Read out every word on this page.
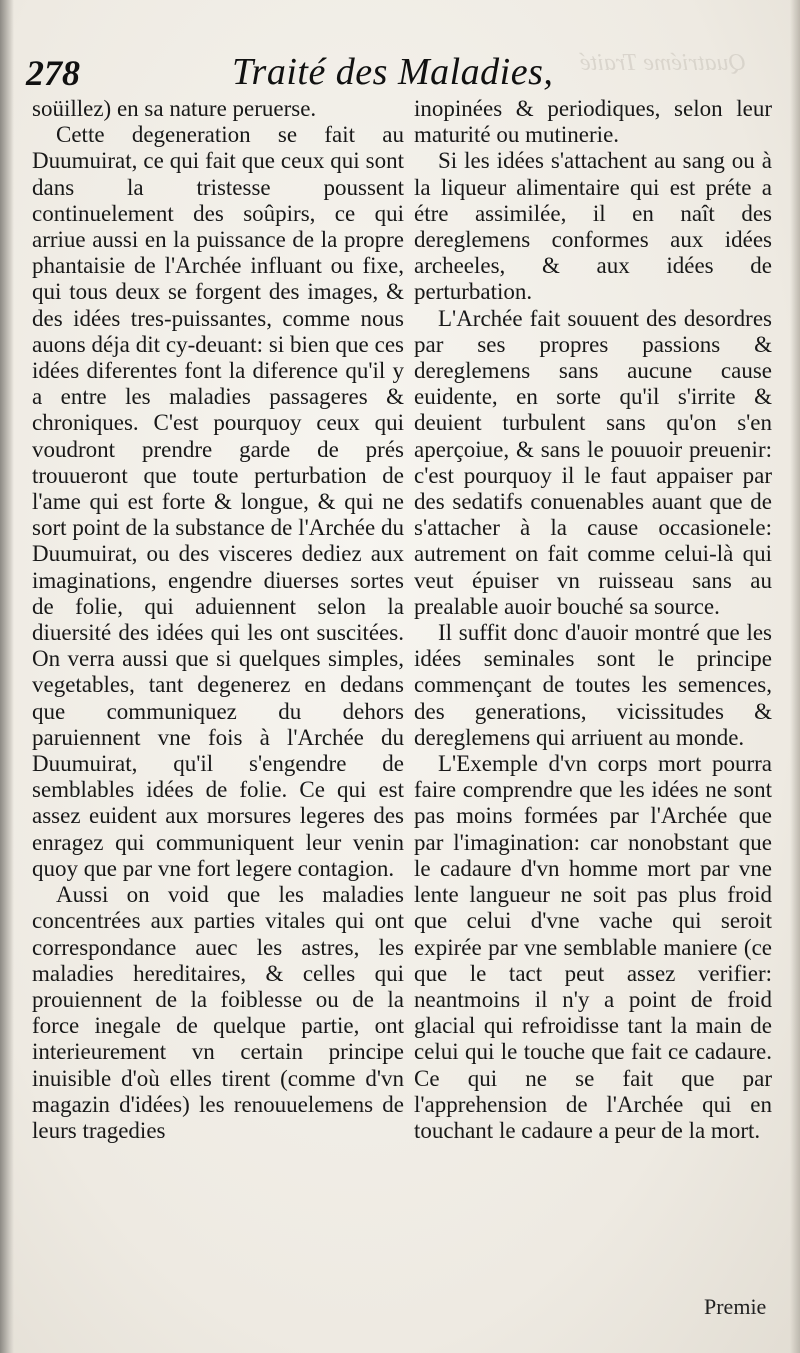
278	Traité des Maladies, Quatriéme Traité

soüillez) en sa nature peruerse.

Cette degeneration se fait au Duumuirat, ce qui fait que ceux qui sont dans la tristesse poussent continuelement des soûpirs, ce qui arriue aussi en la puissance de la propre phantaisie de l'Archée influant ou fixe, qui tous deux se forgent des images, & des idées tres-puissantes, comme nous auons déja dit cy-deuant: si bien que ces idées diferentes font la diference qu'il y a entre les maladies passageres & chroniques. C'est pourquoy ceux qui voudront prendre garde de prés trouueront que toute perturbation de l'ame qui est forte & longue, & qui ne sort point de la substance de l'Archée du Duumuirat, ou des visceres dediez aux imaginations, engendre diuerses sortes de folie, qui aduiennent selon la diuersité des idées qui les ont suscitées. On verra aussi que si quelques simples, vegetables, tant degenerez en dedans que communiquez du dehors paruiennent vne fois à l'Archée du Duumuirat, qu'il s'engendre de semblables idées de folie. Ce qui est assez euident aux morsures legeres des enragez qui communiquent leur venin quoy que par vne fort legere contagion.

Aussi on void que les maladies concentrées aux parties vitales qui ont correspondance auec les astres, les maladies hereditaires, & celles qui prouiennent de la foiblesse ou de la force inegale de quelque partie, ont interieurement vn certain principe inuisible d'où elles tirent (comme d'vn magazin d'idées) les renouuelemens de leurs tragedies

inopinées & periodiques, selon leur maturité ou mutinerie.

Si les idées s'attachent au sang ou à la liqueur alimentaire qui est préte a étre assimilée, il en naît des dereglemens conformes aux idées archeeles, & aux idées de perturbation.

L'Archée fait souuent des desordres par ses propres passions & dereglemens sans aucune cause euidente, en sorte qu'il s'irrite & deuient turbulent sans qu'on s'en aperçoiue, & sans le pouuoir preuenir: c'est pourquoy il le faut appaiser par des sedatifs conuenables auant que de s'attacher à la cause occasionele: autrement on fait comme celui-là qui veut épuiser vn ruisseau sans au prealable auoir bouché sa source.

Il suffit donc d'auoir montré que les idées seminales sont le principe commençant de toutes les semences, des generations, vicissitudes & dereglemens qui arriuent au monde.

L'Exemple d'vn corps mort pourra faire comprendre que les idées ne sont pas moins formées par l'Archée que par l'imagination: car nonobstant que le cadaure d'vn homme mort par vne lente langueur ne soit pas plus froid que celui d'vne vache qui seroit expirée par vne semblable maniere (ce que le tact peut assez verifier: neantmoins il n'y a point de froid glacial qui refroidisse tant la main de celui qui le touche que fait ce cadaure. Ce qui ne se fait que par l'apprehension de l'Archée qui en touchant le cadaure a peur de la mort.

Premie
